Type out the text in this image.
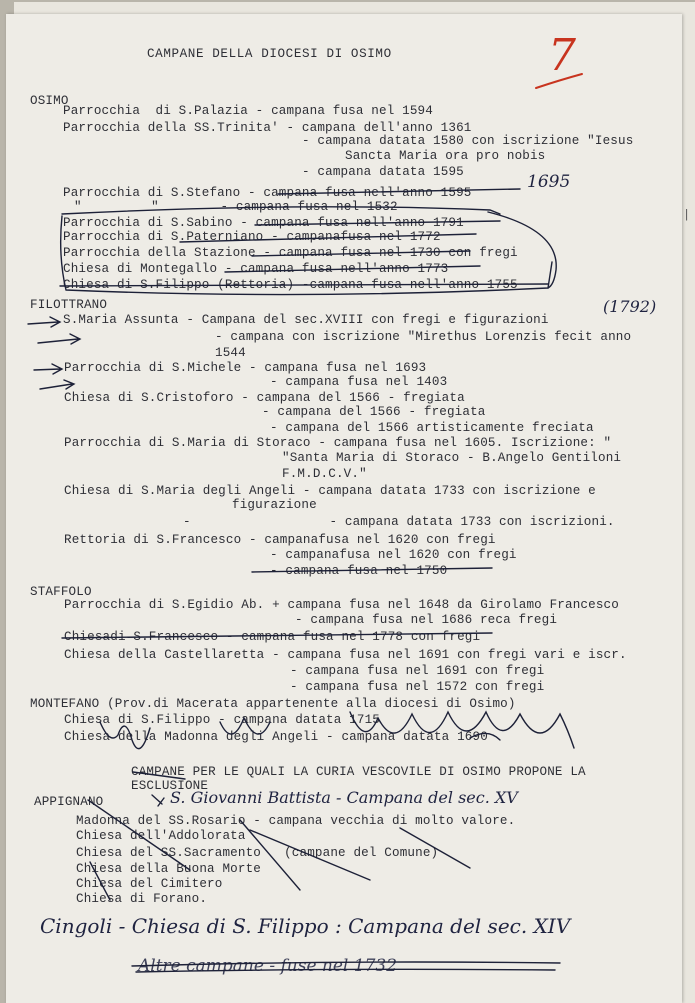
|
CAMPANE DELLA DIOCESI DI OSIMO	7
OSIMO
Parrocchia  di S.Palazia - campana fusa nel 1594
Parrocchia della SS.Trinita' - campana dell'anno 1361
- campana datata 1580 con iscrizione "Iesus
Sancta Maria ora pro nobis
- campana datata 1595
Parrocchia di S.Stefano - campana fusa nell'anno 1595
1695
"         "        - campana fusa nel 1532
Parrocchia di S.Sabino - campana fusa nell'anno 1791
Parrocchia di S.Paterniano - campanafusa nel 1772
Parrocchia della Stazione - campana fusa nel 1730 con fregi
Chiesa di Montegallo - campana fusa nell'anno 1773
Chiesa di S.Filippo (Rettoria) -campana fusa nell'anno 1755
FILOTTRANO
S.Maria Assunta - Campana del sec.XVIII con fregi e figurazioni
(1792)
- campana con iscrizione "Mirethus Lorenzis fecit anno
1544
Parrocchia di S.Michele - campana fusa nel 1693
- campana fusa nel 1403
Chiesa di S.Cristoforo - campana del 1566 - fregiata
- campana del 1566 - fregiata
- campana del 1566 artisticamente freciata
Parrocchia di S.Maria di Storaco - campana fusa nel 1605. Iscrizione: "
"Santa Maria di Storaco - B.Angelo Gentiloni
F.M.D.C.V."
Chiesa di S.Maria degli Angeli - campana datata 1733 con iscrizione e
figurazione
-                  - campana datata 1733 con iscrizioni.
Rettoria di S.Francesco - campanafusa nel 1620 con fregi
- campanafusa nel 1620 con fregi
- campana fusa nel 1750
STAFFOLO
Parrocchia di S.Egidio Ab. + campana fusa nel 1648 da Girolamo Francesco
- campana fusa nel 1686 reca fregi
Chiesadi S.Francesco - campana fusa nel 1778 con fregi
Chiesa della Castellaretta - campana fusa nel 1691 con fregi vari e iscr.
- campana fusa nel 1691 con fregi
- campana fusa nel 1572 con fregi
MONTEFANO (Prov.di Macerata appartenente alla diocesi di Osimo)
Chiesa di S.Filippo - campana datata 1715
Chiesa della Madonna degli Angeli - campana datata 1690
CAMPANE PER LE QUALI LA CURIA VESCOVILE DI OSIMO PROPONE LA
ESCLUSIONE
APPIGNANO	S. Giovanni Battista - Campana del sec. XV
Madonna del SS.Rosario - campana vecchia di molto valore.
Chiesa dell'Addolorata
Chiesa del SS.Sacramento   (campane del Comune)
Chiesa della Buona Morte
Chiesa del Cimitero
Chiesa di Forano.
Cingoli - Chiesa di S. Filippo : Campana del sec. XIV
Altre campane - fuse nel 1732
